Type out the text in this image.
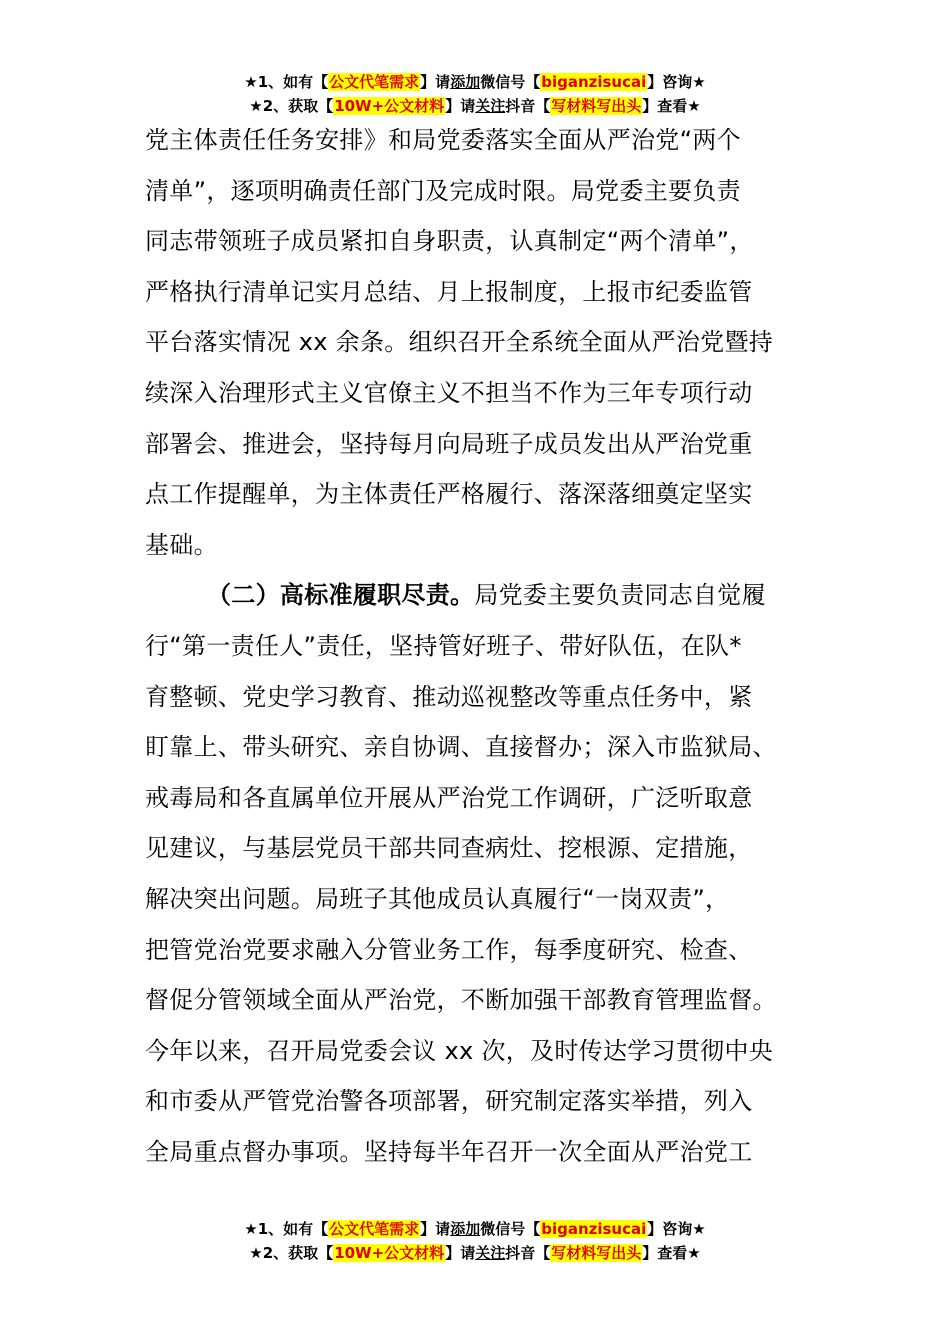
★1、如有【公文代笔需求】请添加微信号【biganzisucai】咨询★
★2、获取【10W+公文材料】请关注抖音【写材料写出头】查看★
党主体责任任务安排》和局党委落实全面从严治党“两个
清单”，逐项明确责任部门及完成时限。局党委主要负责
同志带领班子成员紧扣自身职责，认真制定“两个清单”，
严格执行清单记实月总结、月上报制度，上报市纪委监管
平台落实情况 xx 余条。组织召开全系统全面从严治党暨持
续深入治理形式主义官僚主义不担当不作为三年专项行动
部署会、推进会，坚持每月向局班子成员发出从严治党重
点工作提醒单，为主体责任严格履行、落深落细奠定坚实
基础。
（二）高标准履职尽责。局党委主要负责同志自觉履
行“第一责任人”责任，坚持管好班子、带好队伍，在队*
育整顿、党史学习教育、推动巡视整改等重点任务中，紧
盯靠上、带头研究、亲自协调、直接督办；深入市监狱局、
戒毒局和各直属单位开展从严治党工作调研，广泛听取意
见建议，与基层党员干部共同查病灶、挖根源、定措施，
解决突出问题。局班子其他成员认真履行“一岗双责”，
把管党治党要求融入分管业务工作，每季度研究、检查、
督促分管领域全面从严治党，不断加强干部教育管理监督。
今年以来，召开局党委会议 xx 次，及时传达学习贯彻中央
和市委从严管党治警各项部署，研究制定落实举措，列入
全局重点督办事项。坚持每半年召开一次全面从严治党工
★1、如有【公文代笔需求】请添加微信号【biganzisucai】咨询★
★2、获取【10W+公文材料】请关注抖音【写材料写出头】查看★
